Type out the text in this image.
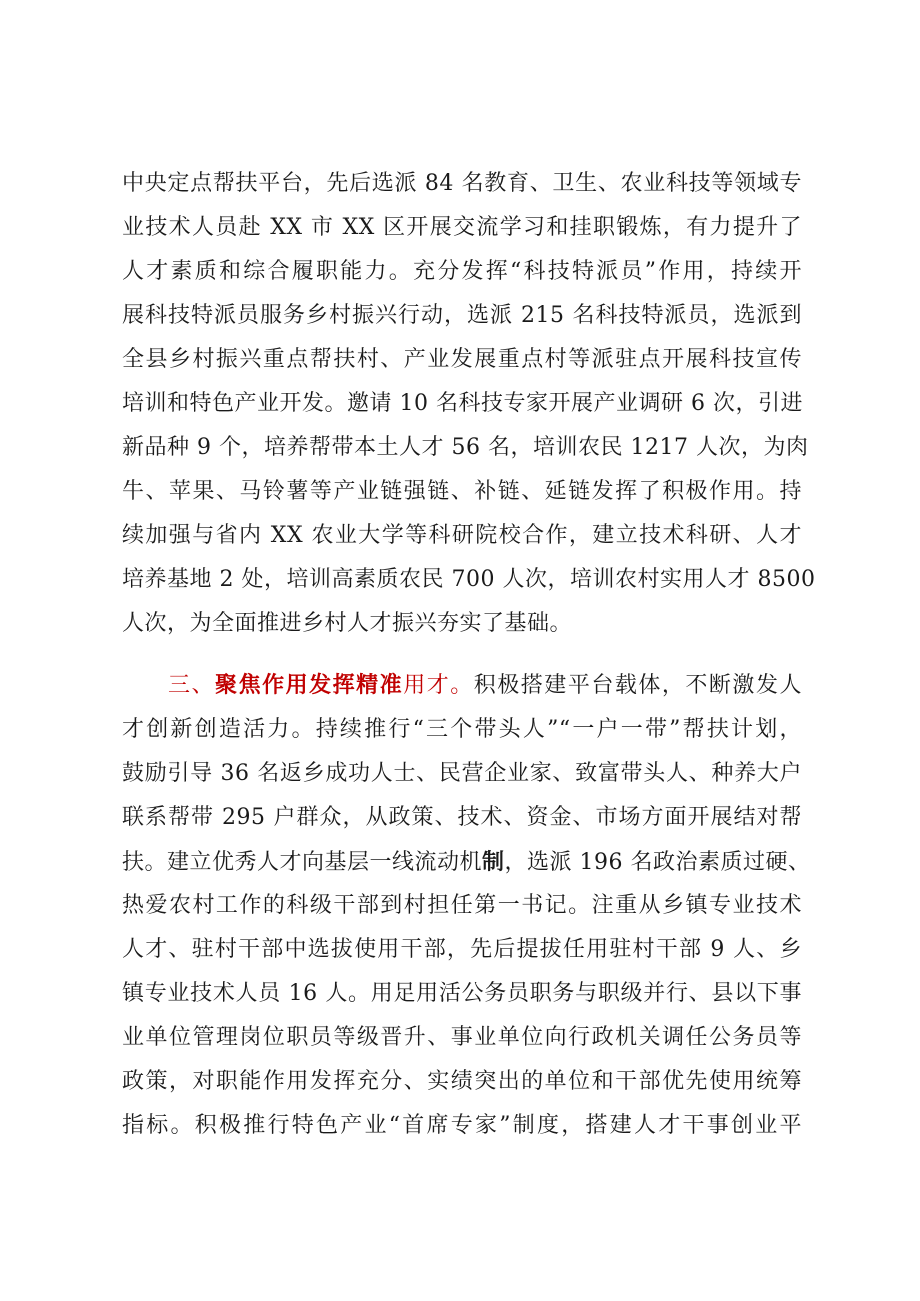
中央定点帮扶平台，先后选派 84 名教育、卫生、农业科技等领域专
业技术人员赴 XX 市 XX 区开展交流学习和挂职锻炼，有力提升了
人才素质和综合履职能力。充分发挥“科技特派员”作用，持续开
展科技特派员服务乡村振兴行动，选派 215 名科技特派员，选派到
全县乡村振兴重点帮扶村、产业发展重点村等派驻点开展科技宣传
培训和特色产业开发。邀请 10 名科技专家开展产业调研 6 次，引进
新品种 9 个，培养帮带本土人才 56 名，培训农民 1217 人次，为肉
牛、苹果、马铃薯等产业链强链、补链、延链发挥了积极作用。持
续加强与省内 XX 农业大学等科研院校合作，建立技术科研、人才
培养基地 2 处，培训高素质农民 700 人次，培训农村实用人才 8500
人次，为全面推进乡村人才振兴夯实了基础。
三、聚焦作用发挥精准用才。积极搭建平台载体，不断激发人
才创新创造活力。持续推行“三个带头人”“一户一带”帮扶计划，
鼓励引导 36 名返乡成功人士、民营企业家、致富带头人、种养大户
联系帮带 295 户群众，从政策、技术、资金、市场方面开展结对帮
扶。建立优秀人才向基层一线流动机制，选派 196 名政治素质过硬、
热爱农村工作的科级干部到村担任第一书记。注重从乡镇专业技术
人才、驻村干部中选拔使用干部，先后提拔任用驻村干部 9 人、乡
镇专业技术人员 16 人。用足用活公务员职务与职级并行、县以下事
业单位管理岗位职员等级晋升、事业单位向行政机关调任公务员等
政策，对职能作用发挥充分、实绩突出的单位和干部优先使用统筹
指标。积极推行特色产业“首席专家”制度，搭建人才干事创业平
